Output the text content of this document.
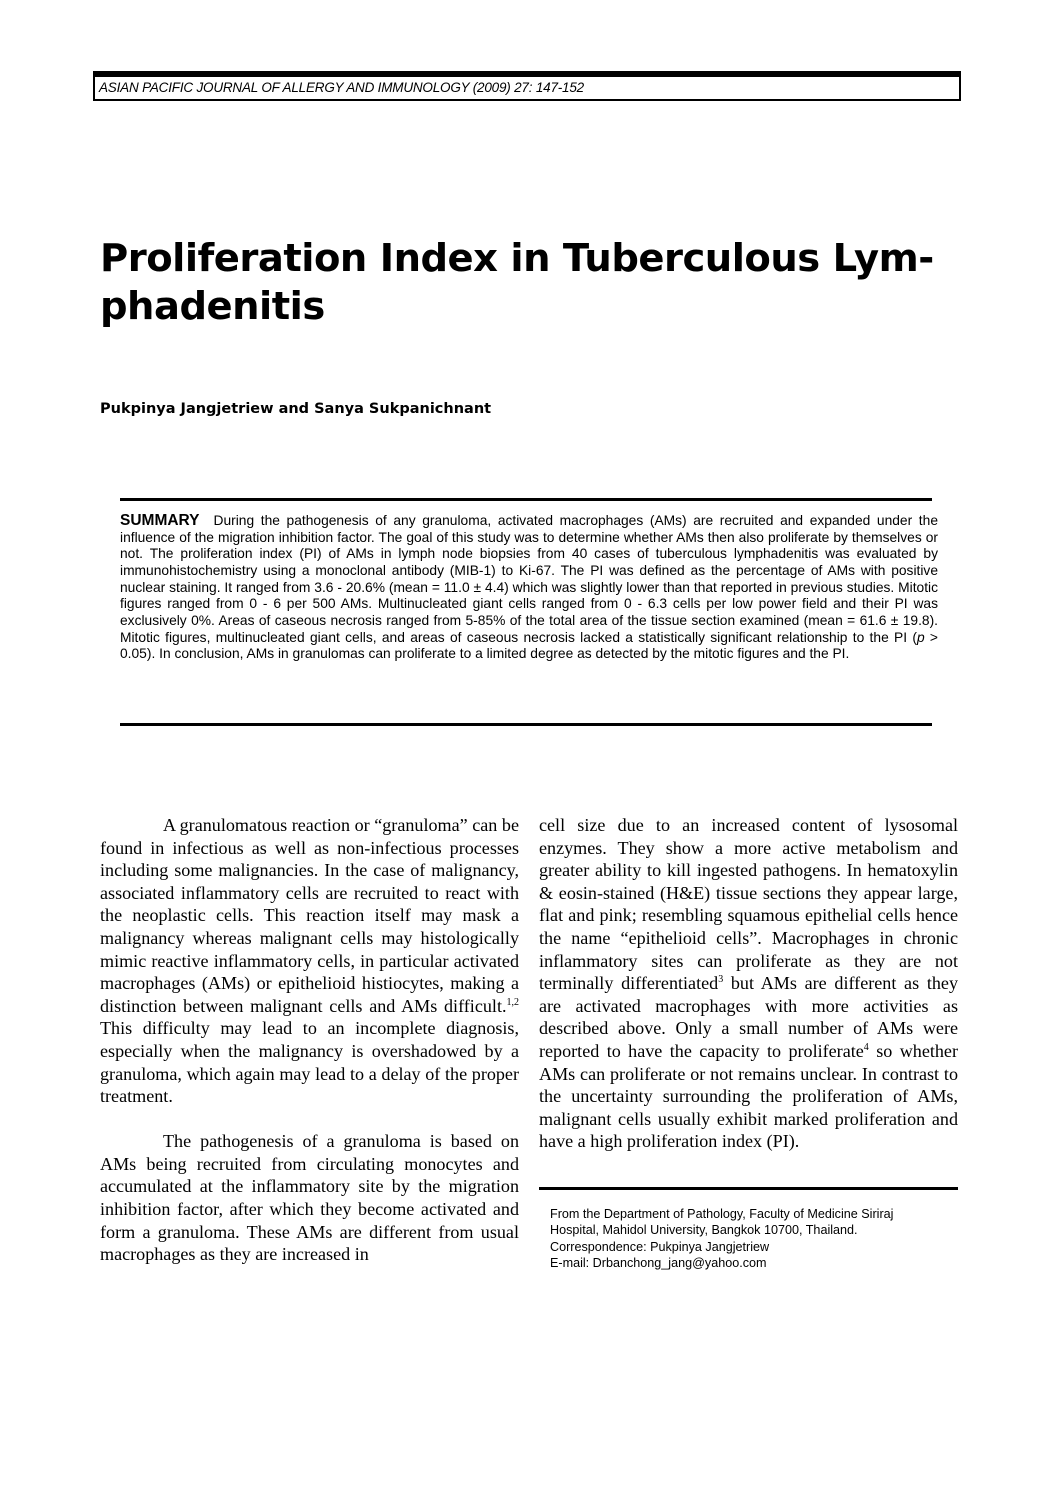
ASIAN PACIFIC JOURNAL OF ALLERGY AND IMMUNOLOGY (2009) 27: 147-152
Proliferation Index in Tuberculous Lym-
phadenitis

Pukpinya Jangjetriew and Sanya Sukpanichnant

SUMMARY During the pathogenesis of any granuloma, activated macrophages (AMs) are recruited and expanded under the influence of the migration inhibition factor. The goal of this study was to determine whether AMs then also proliferate by themselves or not. The proliferation index (PI) of AMs in lymph node biopsies from 40 cases of tuberculous lymphadenitis was evaluated by immunohistochemistry using a monoclonal antibody (MIB-1) to Ki-67. The PI was defined as the percentage of AMs with positive nuclear staining. It ranged from 3.6 - 20.6% (mean = 11.0 ± 4.4) which was slightly lower than that reported in previous studies. Mitotic figures ranged from 0 - 6 per 500 AMs. Multinucleated giant cells ranged from 0 - 6.3 cells per low power field and their PI was exclusively 0%. Areas of caseous necrosis ranged from 5-85% of the total area of the tissue section examined (mean = 61.6 ± 19.8). Mitotic figures, multinucleated giant cells, and areas of caseous necrosis lacked a statistically significant relationship to the PI (p > 0.05). In conclusion, AMs in granulomas can proliferate to a limited degree as detected by the mitotic figures and the PI.

A granulomatous reaction or “granuloma” can be found in infectious as well as non-infectious processes including some malignancies. In the case of malignancy, associated inflammatory cells are recruited to react with the neoplastic cells. This reaction itself may mask a malignancy whereas malignant cells may histologically mimic reactive inflammatory cells, in particular activated macrophages (AMs) or epithelioid histiocytes, making a distinction between malignant cells and AMs difficult.$^{1,2}$ This difficulty may lead to an incomplete diagnosis, especially when the malignancy is overshadowed by a granuloma, which again may lead to a delay of the proper treatment.

The pathogenesis of a granuloma is based on AMs being recruited from circulating monocytes and accumulated at the inflammatory site by the migration inhibition factor, after which they become activated and form a granuloma. These AMs are different from usual macrophages as they are increased in

cell size due to an increased content of lysosomal enzymes. They show a more active metabolism and greater ability to kill ingested pathogens. In hematoxylin & eosin-stained (H&E) tissue sections they appear large, flat and pink; resembling squamous epithelial cells hence the name “epithelioid cells”. Macrophages in chronic inflammatory sites can proliferate as they are not terminally differentiated$^3$ but AMs are different as they are activated macrophages with more activities as described above. Only a small number of AMs were reported to have the capacity to proliferate$^4$ so whether AMs can proliferate or not remains unclear. In contrast to the uncertainty surrounding the proliferation of AMs, malignant cells usually exhibit marked proliferation and have a high proliferation index (PI).

From the Department of Pathology, Faculty of Medicine Siriraj
Hospital, Mahidol University, Bangkok 10700, Thailand.
Correspondence: Pukpinya Jangjetriew
E-mail: Drbanchong_jang@yahoo.com
